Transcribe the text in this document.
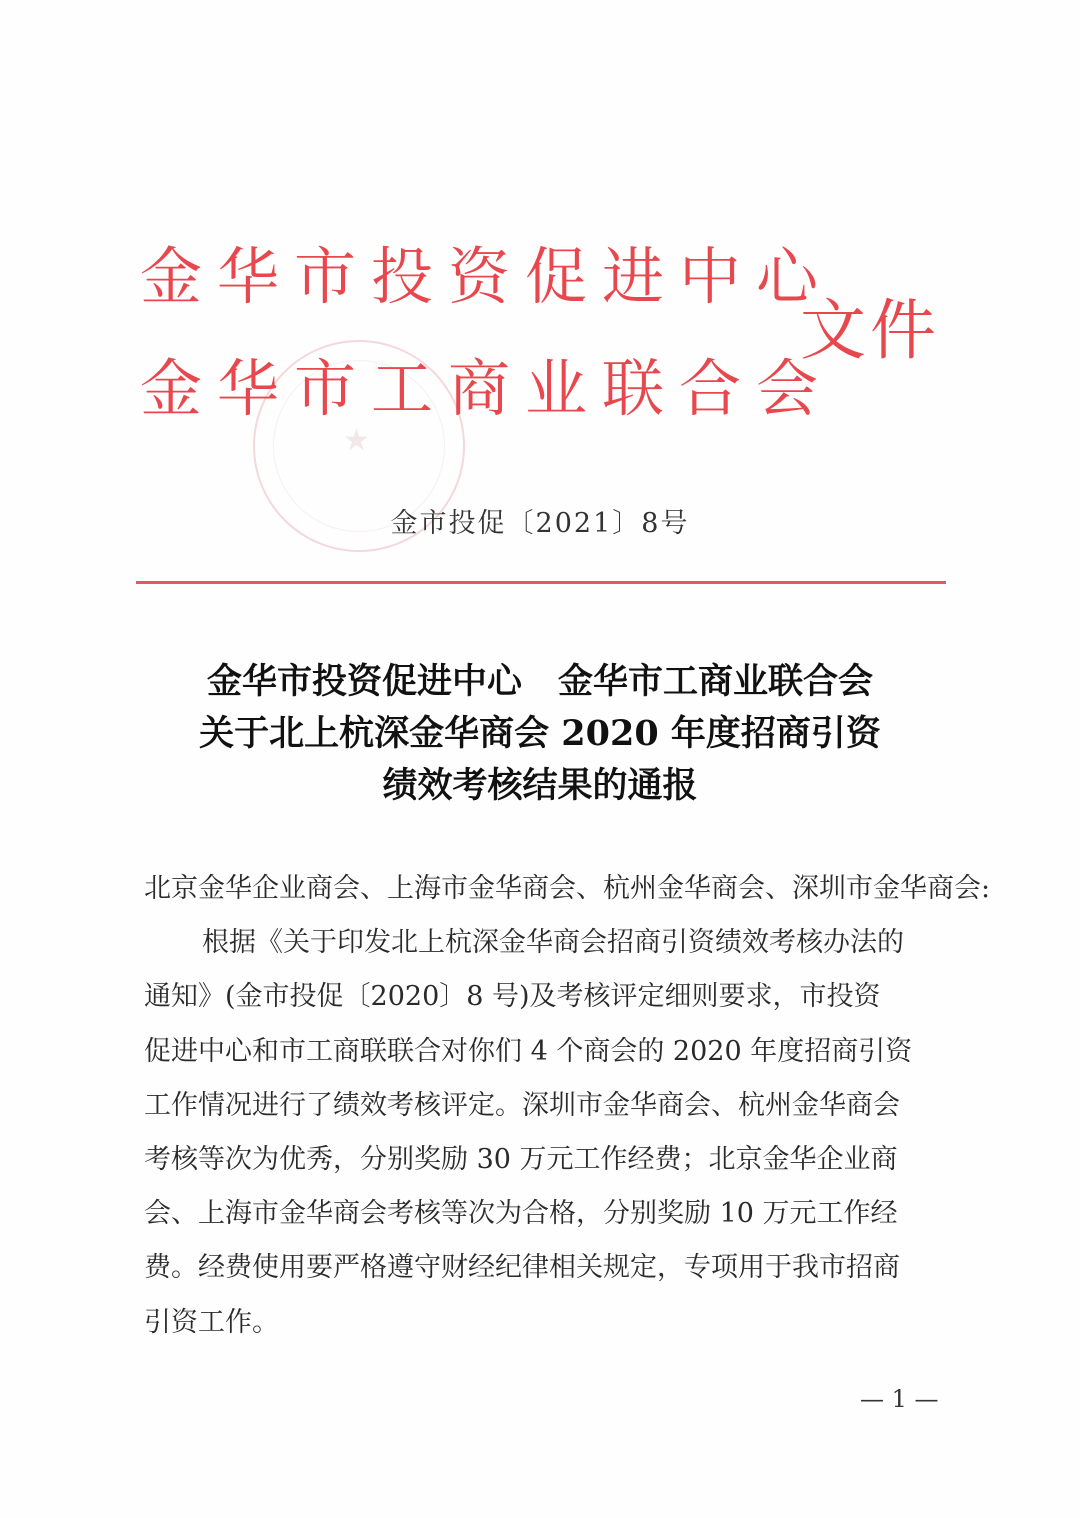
★
金华市投资促进中心
金华市工商业联合会
文件
金市投促〔2021〕8号
金华市投资促进中心 金华市工商业联合会
关于北上杭深金华商会 2020 年度招商引资
绩效考核结果的通报
北京金华企业商会、上海市金华商会、杭州金华商会、深圳市金华商会:
根据《关于印发北上杭深金华商会招商引资绩效考核办法的
通知》(金市投促〔2020〕8 号)及考核评定细则要求，市投资
促进中心和市工商联联合对你们 4 个商会的 2020 年度招商引资
工作情况进行了绩效考核评定。深圳市金华商会、杭州金华商会
考核等次为优秀，分别奖励 30 万元工作经费；北京金华企业商
会、上海市金华商会考核等次为合格，分别奖励 10 万元工作经
费。经费使用要严格遵守财经纪律相关规定，专项用于我市招商
引资工作。
— 1 —
